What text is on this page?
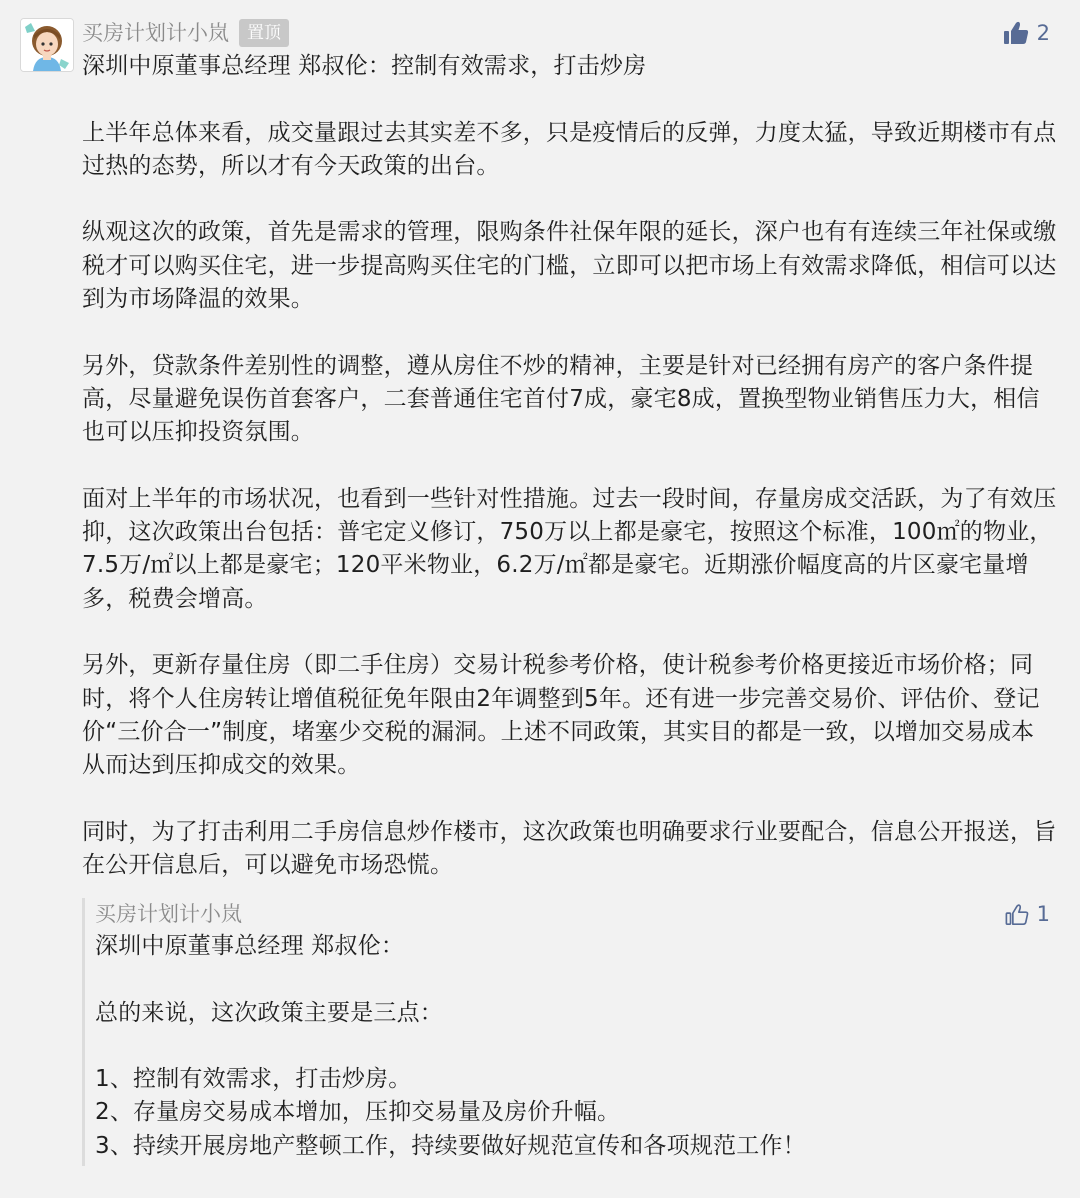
买房计划计小岚	置顶	2
深圳中原董事总经理 郑叔伦：控制有效需求，打击炒房

上半年总体来看，成交量跟过去其实差不多，只是疫情后的反弹，力度太猛，导致近期楼市有点过热的态势，所以才有今天政策的出台。

纵观这次的政策，首先是需求的管理，限购条件社保年限的延长，深户也有有连续三年社保或缴税才可以购买住宅，进一步提高购买住宅的门槛，立即可以把市场上有效需求降低，相信可以达到为市场降温的效果。

另外，贷款条件差别性的调整，遵从房住不炒的精神，主要是针对已经拥有房产的客户条件提高，尽量避免误伤首套客户，二套普通住宅首付7成，豪宅8成，置换型物业销售压力大，相信也可以压抑投资氛围。

面对上半年的市场状况，也看到一些针对性措施。过去一段时间，存量房成交活跃，为了有效压抑，这次政策出台包括：普宅定义修订，750万以上都是豪宅，按照这个标准，100㎡的物业，7.5万/㎡以上都是豪宅；120平米物业，6.2万/㎡都是豪宅。近期涨价幅度高的片区豪宅量增多，税费会增高。

另外，更新存量住房（即二手住房）交易计税参考价格，使计税参考价格更接近市场价格；同时，将个人住房转让增值税征免年限由2年调整到5年。还有进一步完善交易价、评估价、登记价“三价合一”制度，堵塞少交税的漏洞。上述不同政策，其实目的都是一致，以增加交易成本从而达到压抑成交的效果。

同时，为了打击利用二手房信息炒作楼市，这次政策也明确要求行业要配合，信息公开报送，旨在公开信息后，可以避免市场恐慌。
买房计划计小岚
深圳中原董事总经理 郑叔伦：

总的来说，这次政策主要是三点：

1、控制有效需求，打击炒房。
2、存量房交易成本增加，压抑交易量及房价升幅。
3、持续开展房地产整顿工作，持续要做好规范宣传和各项规范工作！
1
